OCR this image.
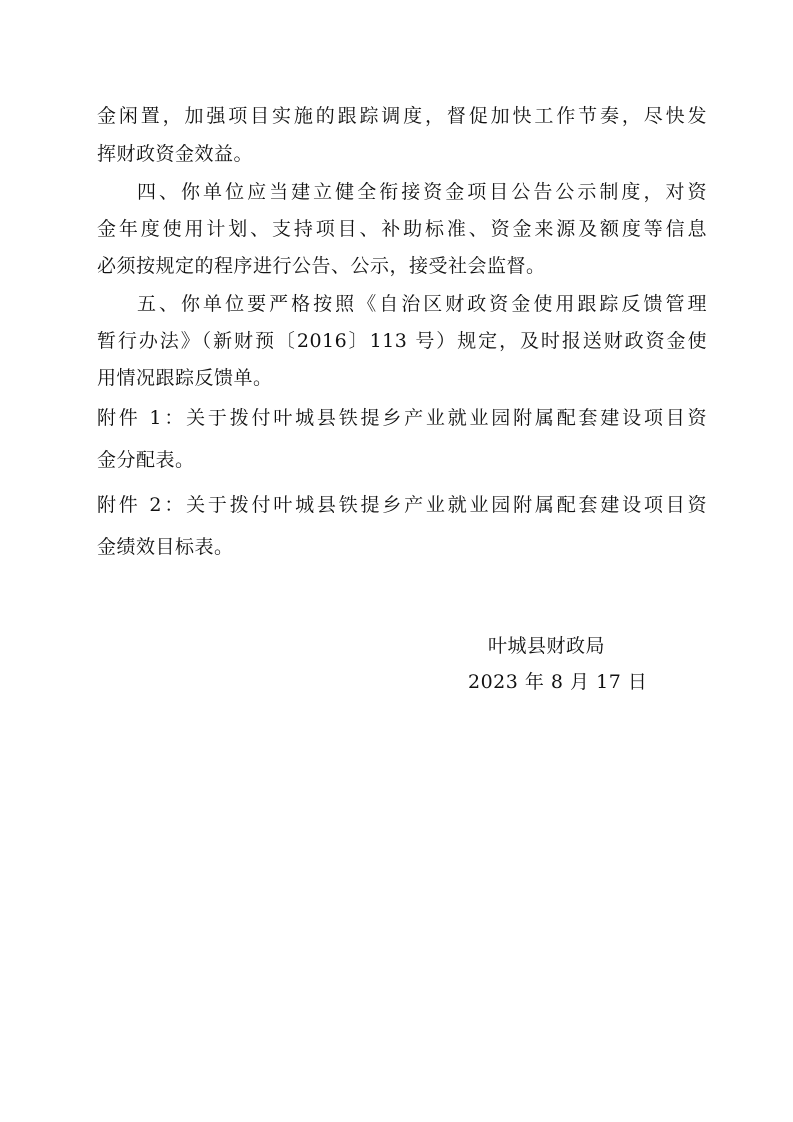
金闲置，加强项目实施的跟踪调度，督促加快工作节奏，尽快发
挥财政资金效益。
四、你单位应当建立健全衔接资金项目公告公示制度，对资
金年度使用计划、支持项目、补助标准、资金来源及额度等信息
必须按规定的程序进行公告、公示，接受社会监督。
五、你单位要严格按照《自治区财政资金使用跟踪反馈管理
暂行办法》（新财预〔2016〕113 号）规定，及时报送财政资金使
用情况跟踪反馈单。
附件 1：关于拨付叶城县铁提乡产业就业园附属配套建设项目资
金分配表。
附件 2：关于拨付叶城县铁提乡产业就业园附属配套建设项目资
金绩效目标表。
叶城县财政局
2023 年 8 月 17 日
